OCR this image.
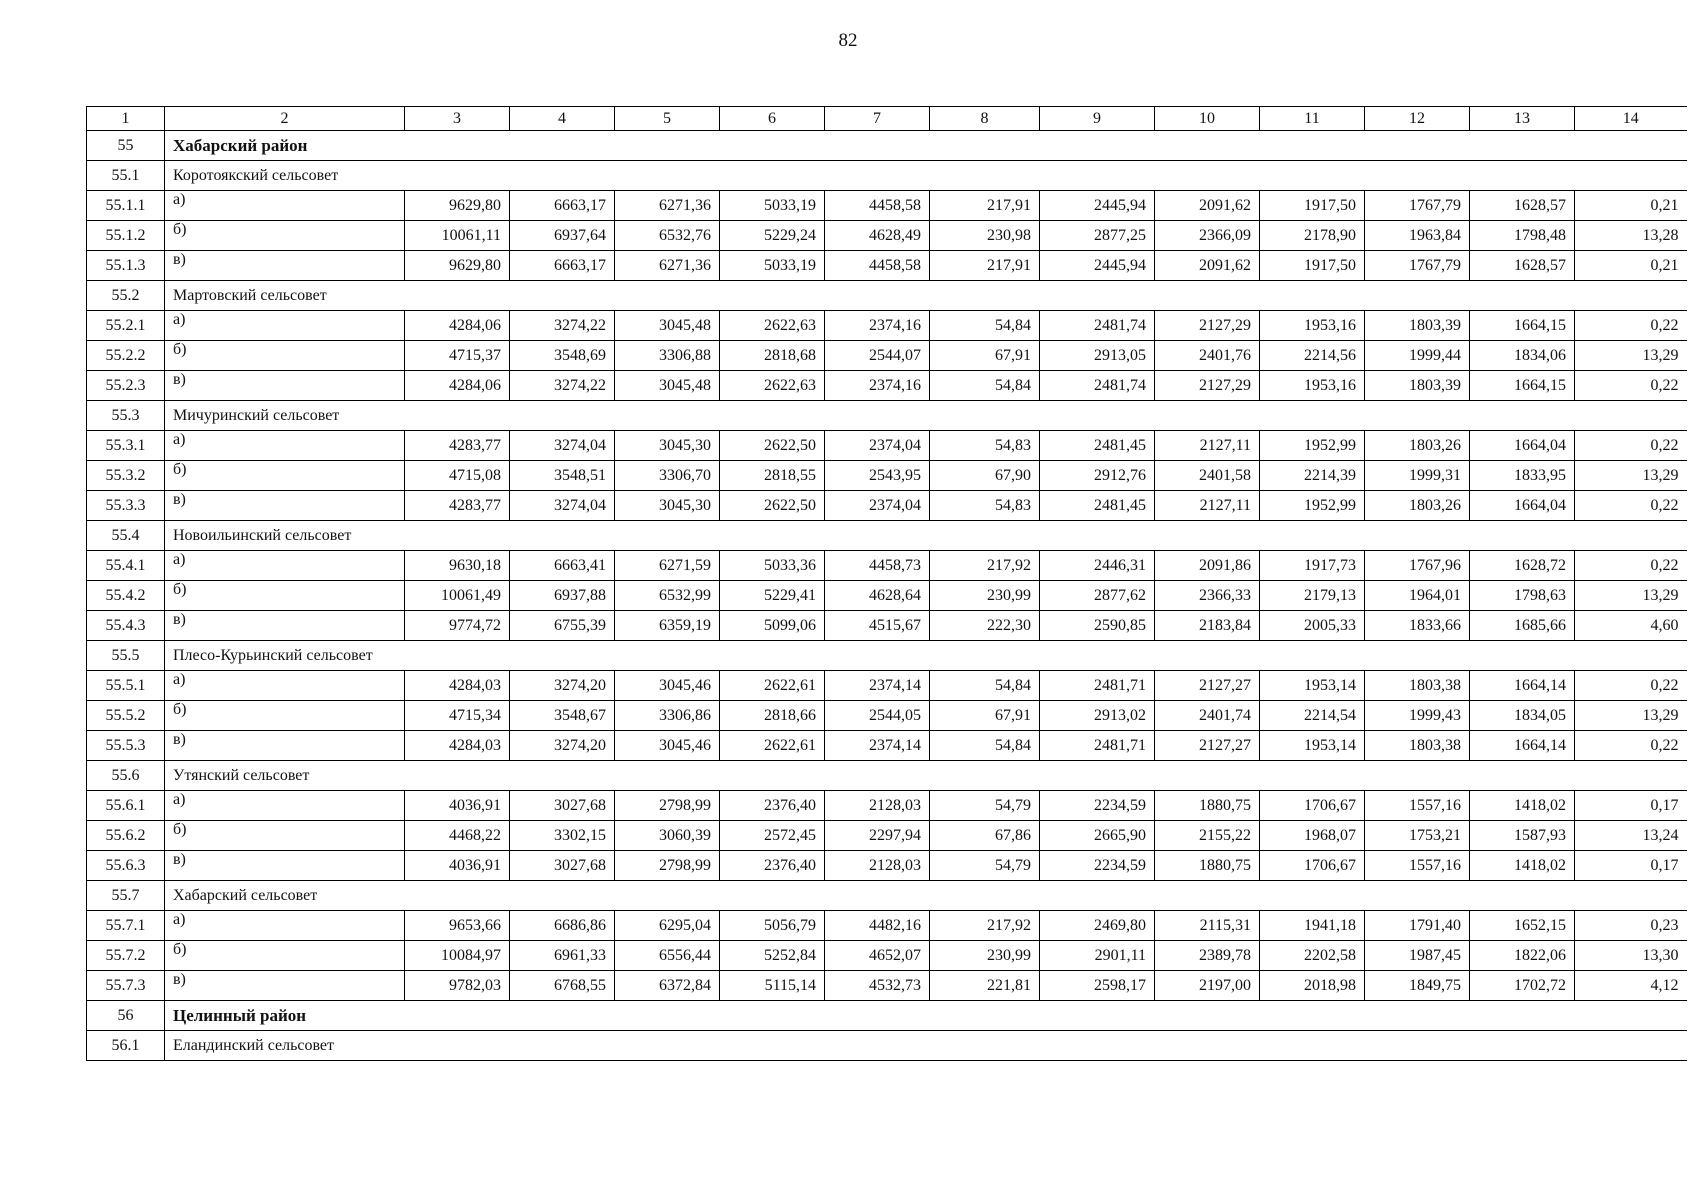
82
1	2	3	4	5	6	7	8	9	10	11	12	13	14
55	Хабарский район												
55.1	Коротоякский сельсовет												
55.1.1	а)	9629,80	6663,17	6271,36	5033,19	4458,58	217,91	2445,94	2091,62	1917,50	1767,79	1628,57	0,21
55.1.2	б)	10061,11	6937,64	6532,76	5229,24	4628,49	230,98	2877,25	2366,09	2178,90	1963,84	1798,48	13,28
55.1.3	в)	9629,80	6663,17	6271,36	5033,19	4458,58	217,91	2445,94	2091,62	1917,50	1767,79	1628,57	0,21
55.2	Мартовский сельсовет												
55.2.1	а)	4284,06	3274,22	3045,48	2622,63	2374,16	54,84	2481,74	2127,29	1953,16	1803,39	1664,15	0,22
55.2.2	б)	4715,37	3548,69	3306,88	2818,68	2544,07	67,91	2913,05	2401,76	2214,56	1999,44	1834,06	13,29
55.2.3	в)	4284,06	3274,22	3045,48	2622,63	2374,16	54,84	2481,74	2127,29	1953,16	1803,39	1664,15	0,22
55.3	Мичуринский сельсовет												
55.3.1	а)	4283,77	3274,04	3045,30	2622,50	2374,04	54,83	2481,45	2127,11	1952,99	1803,26	1664,04	0,22
55.3.2	б)	4715,08	3548,51	3306,70	2818,55	2543,95	67,90	2912,76	2401,58	2214,39	1999,31	1833,95	13,29
55.3.3	в)	4283,77	3274,04	3045,30	2622,50	2374,04	54,83	2481,45	2127,11	1952,99	1803,26	1664,04	0,22
55.4	Новоильинский сельсовет												
55.4.1	а)	9630,18	6663,41	6271,59	5033,36	4458,73	217,92	2446,31	2091,86	1917,73	1767,96	1628,72	0,22
55.4.2	б)	10061,49	6937,88	6532,99	5229,41	4628,64	230,99	2877,62	2366,33	2179,13	1964,01	1798,63	13,29
55.4.3	в)	9774,72	6755,39	6359,19	5099,06	4515,67	222,30	2590,85	2183,84	2005,33	1833,66	1685,66	4,60
55.5	Плесо-Курьинский сельсовет												
55.5.1	а)	4284,03	3274,20	3045,46	2622,61	2374,14	54,84	2481,71	2127,27	1953,14	1803,38	1664,14	0,22
55.5.2	б)	4715,34	3548,67	3306,86	2818,66	2544,05	67,91	2913,02	2401,74	2214,54	1999,43	1834,05	13,29
55.5.3	в)	4284,03	3274,20	3045,46	2622,61	2374,14	54,84	2481,71	2127,27	1953,14	1803,38	1664,14	0,22
55.6	Утянский сельсовет												
55.6.1	а)	4036,91	3027,68	2798,99	2376,40	2128,03	54,79	2234,59	1880,75	1706,67	1557,16	1418,02	0,17
55.6.2	б)	4468,22	3302,15	3060,39	2572,45	2297,94	67,86	2665,90	2155,22	1968,07	1753,21	1587,93	13,24
55.6.3	в)	4036,91	3027,68	2798,99	2376,40	2128,03	54,79	2234,59	1880,75	1706,67	1557,16	1418,02	0,17
55.7	Хабарский сельсовет												
55.7.1	а)	9653,66	6686,86	6295,04	5056,79	4482,16	217,92	2469,80	2115,31	1941,18	1791,40	1652,15	0,23
55.7.2	б)	10084,97	6961,33	6556,44	5252,84	4652,07	230,99	2901,11	2389,78	2202,58	1987,45	1822,06	13,30
55.7.3	в)	9782,03	6768,55	6372,84	5115,14	4532,73	221,81	2598,17	2197,00	2018,98	1849,75	1702,72	4,12
56	Целинный район												
56.1	Еландинский сельсовет												
